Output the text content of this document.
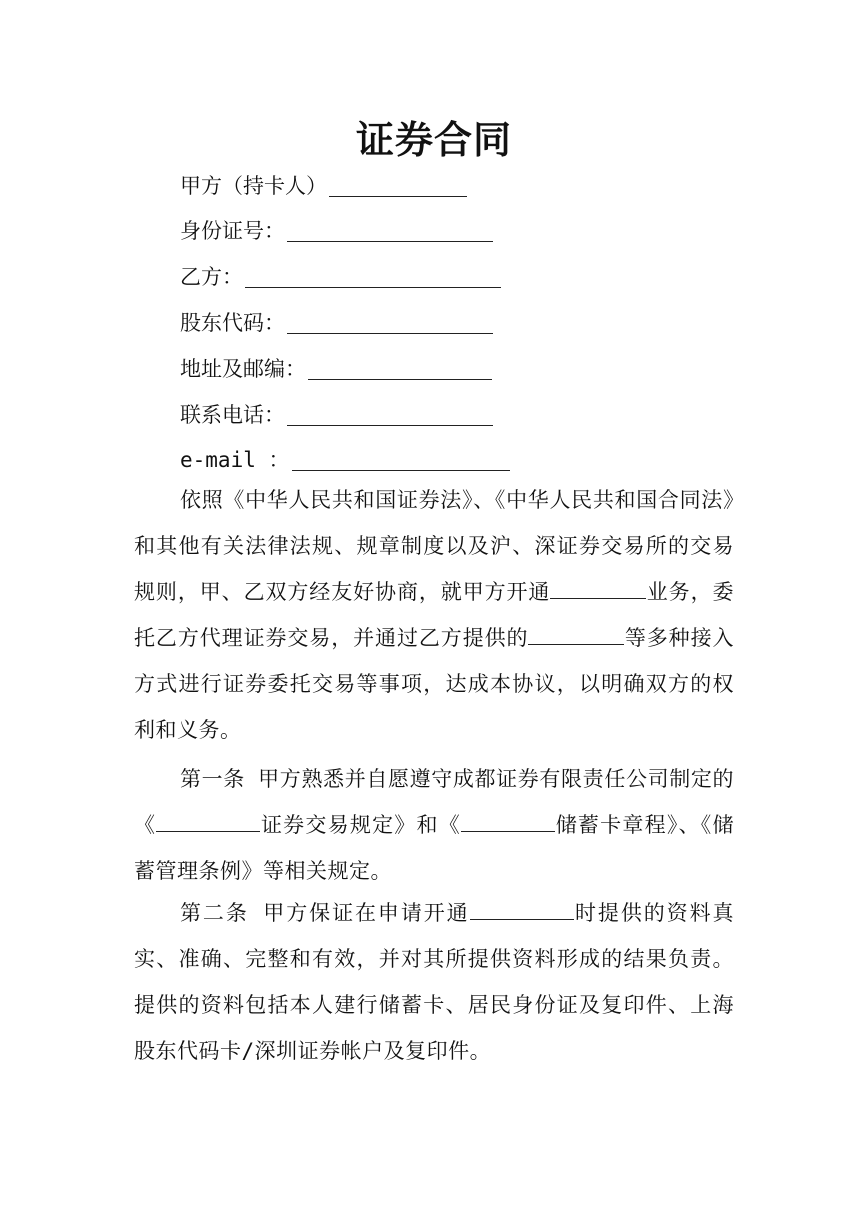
证券合同
甲方（持卡人）
身份证号：
乙方：
股东代码：
地址及邮编：
联系电话：
e-mail ：

依照《中华人民共和国证券法》、《中华人民共和国合同法》和其他有关法律法规、规章制度以及沪、深证券交易所的交易规则，甲、乙双方经友好协商，就甲方开通	业务，委托乙方代理证券交易，并通过乙方提供的	等多种接入方式进行证券委托交易等事项，达成本协议，以明确双方的权利和义务。

第一条 甲方熟悉并自愿遵守成都证券有限责任公司制定的《	证券交易规定》和《	储蓄卡章程》、《储蓄管理条例》等相关规定。

第二条 甲方保证在申请开通	时提供的资料真实、准确、完整和有效，并对其所提供资料形成的结果负责。提供的资料包括本人建行储蓄卡、居民身份证及复印件、上海股东代码卡/深圳证券帐户及复印件。
